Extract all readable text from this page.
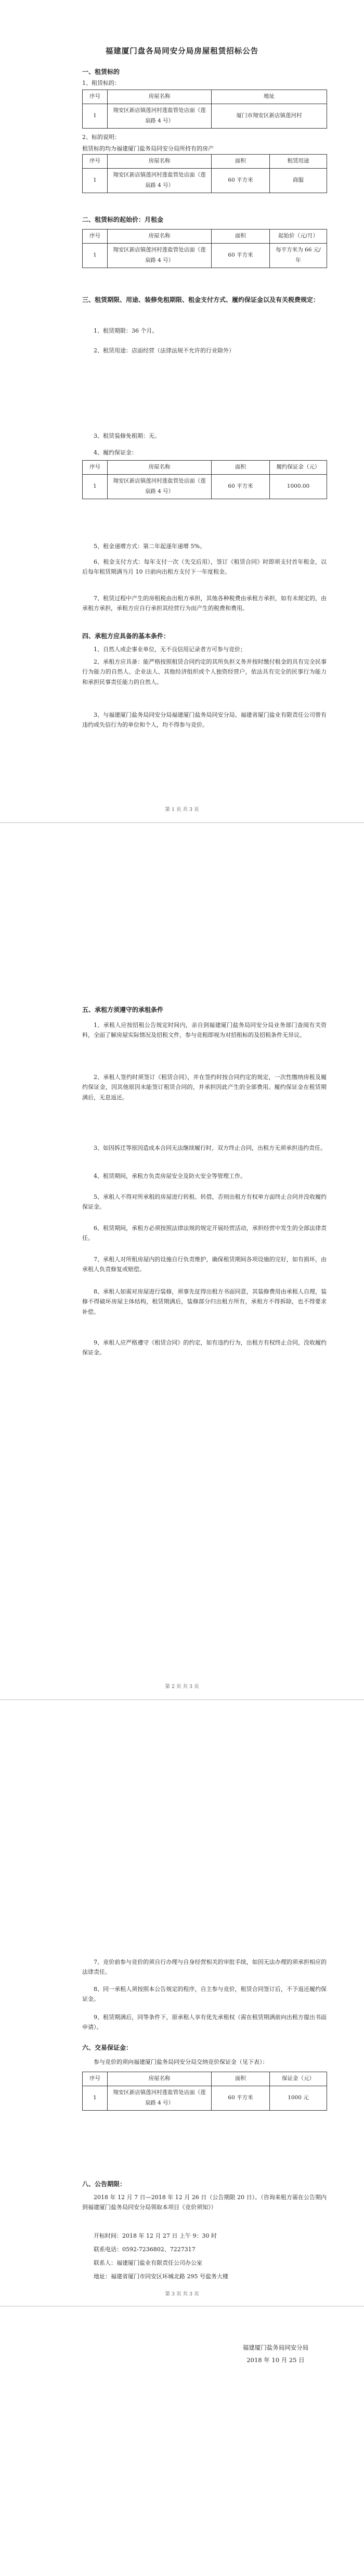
福建厦门盘各局同安分局房屋租赁招标公告
一、租赁标的
1、租赁标的：
序号	房屋名称	地址
1	翔安区新店镇莲河村莲盐管处店面（莲泉路 4 号）	厦门市翔安区新店镇莲河村
2、标的说明：
租赁标的均为福建厦门盐务局同安分局所持有的房产
序号	房屋名称	面积	租赁用途
1	翔安区新店镇莲河村莲盐管处店面（莲泉路 4 号）	60 平方米	商服
二、租赁标的起始价：月租金
序号	房屋名称	面积	起始价（元/月）
1	翔安区新店镇莲河村莲盐管处店面（莲泉路 4 号）	60 平方米	每平方米为 66 元/年
三、租赁期限、用途、装修免租期限、租金支付方式、履约保证金以及有关税费规定：
1、租赁期限：36 个月。
2、租赁用途：店面经营（法律法规不允许的行业除外）
3、租赁装修免租期：无。
4、履约保证金：
序号	房屋名称	面积	履约保证金（元）
1	翔安区新店镇莲河村莲盐管处店面（莲泉路 4 号）	60 平方米	1000.00
5、租金递增方式：第二年起逐年递增 5%。
6、租金支付方式：每年支付一次（先交后用），签订《租赁合同》时即须支付首年租金，以后每年租赁期满当月 10 日前向出租方支付下一年度租金。
7、租赁过程中产生的房租税由出租方承担，其他各种税费由承租方承担，如有未规定的，由承租方承担，承租方应自行承担其经营行为而产生的税费和费用。
四、承租方应具备的基本条件：
1、自然人或企事业单位，无不良信用记录者方可参与竞价；
2、承租方应具备：能严格按照租赁合同约定的其所负担义务并按时缴付租金的具有完全民事行为能力的自然人、企业法人、其他经济组织或个人独资经营户，依法具有完全的民事行为能力和承担民事责任能力的自然人。
3、与福建厦门盐务局同安分局福建厦门盐务局同安分局、福建省厦门盐业有限责任公司曾有违约或失信行为的单位和个人，均不得参与竞价。
第 1 页 共 3 页
五、承租方须遵守的承租条件
1、承租人应按招租公告规定时间内，亲自到福建厦门盐务局同安分局业务部门查阅有关资料，全面了解房屋实际情况及招租文件，参与竞租即视为对招租标的及招租条件无异议。
2、承租人签约时须签订《租赁合同》，并在签约时按合同约定的规定，一次性缴纳房租及履约保证金，因其他原因未能签订租赁合同的，并承担因此产生的全部费用。履约保证金在租赁期满后，无息返还。
3、如因拆迁等原因造成本合同无法继续履行时，双方终止合同，出租方无须承担违约责任。
4、租赁期间，承租方负责房屋安全及防火安全等管理工作。
5、承租人不得对所承租的房屋进行转租、转借，否则出租方有权单方面终止合同并没收履约保证金。
6、租赁期间，承租方必须按照法律法规的规定开展经营活动，承担经营中发生的全部法律责任。
7、承租人对所租房屋内的设施自行负责维护，确保租赁期间各项设施的完好，如有损坏，由承租人负责修复或赔偿。
8、承租人如需对房屋进行装修，须事先征得出租方书面同意，其装修费用由承租人自理，装修不得破坏房屋主体结构，租赁期满后，装修部分归出租方所有，承租方不得拆除，也不得要求补偿。
9、承租人应严格遵守《租赁合同》的约定，如有违约行为，出租方有权终止合同，没收履约保证金。
第 2 页 共 3 页
7、竞价前参与竞价的须自行办理与自身经营相关的审批手续，如因无法办理的须承担相应的法律责任。
8、同一承租人须按照本公告规定的程序，自主参与竞价，租赁合同签订后，不予退还履约保证金。
9、租赁期满后，同等条件下，原承租人享有优先承租权（需在租赁期满前向出租方提出书面申请）。
六、交易保证金：
参与竞价的须向福建厦门盐务局同安分局交纳竞价保证金（见下表）：
序号	房屋名称	面积	保证金（元）
1	翔安区新店镇莲河村莲盐管处店面（莲泉路 4 号）	60 平方米	1000 元
八、公告期限：
2018 年 12 月 7 日—2018 年 12 月 26 日（公告期限 20 日）。（咨询来租方需在公告期内到福建厦门盐务局同安分局领取本项目《竞价须知》）
开标时间：2018 年 12 月 27 日 上午 9：30 时
联系电话：0592-7236802、7227317
联系人：福建厦门盐业有限责任公司办公室
地址：福建省厦门市同安区环城北路 295 号盐务大楼
第 3 页 共 3 页
福建厦门盐务局同安分局
2018 年 10 月 25 日
